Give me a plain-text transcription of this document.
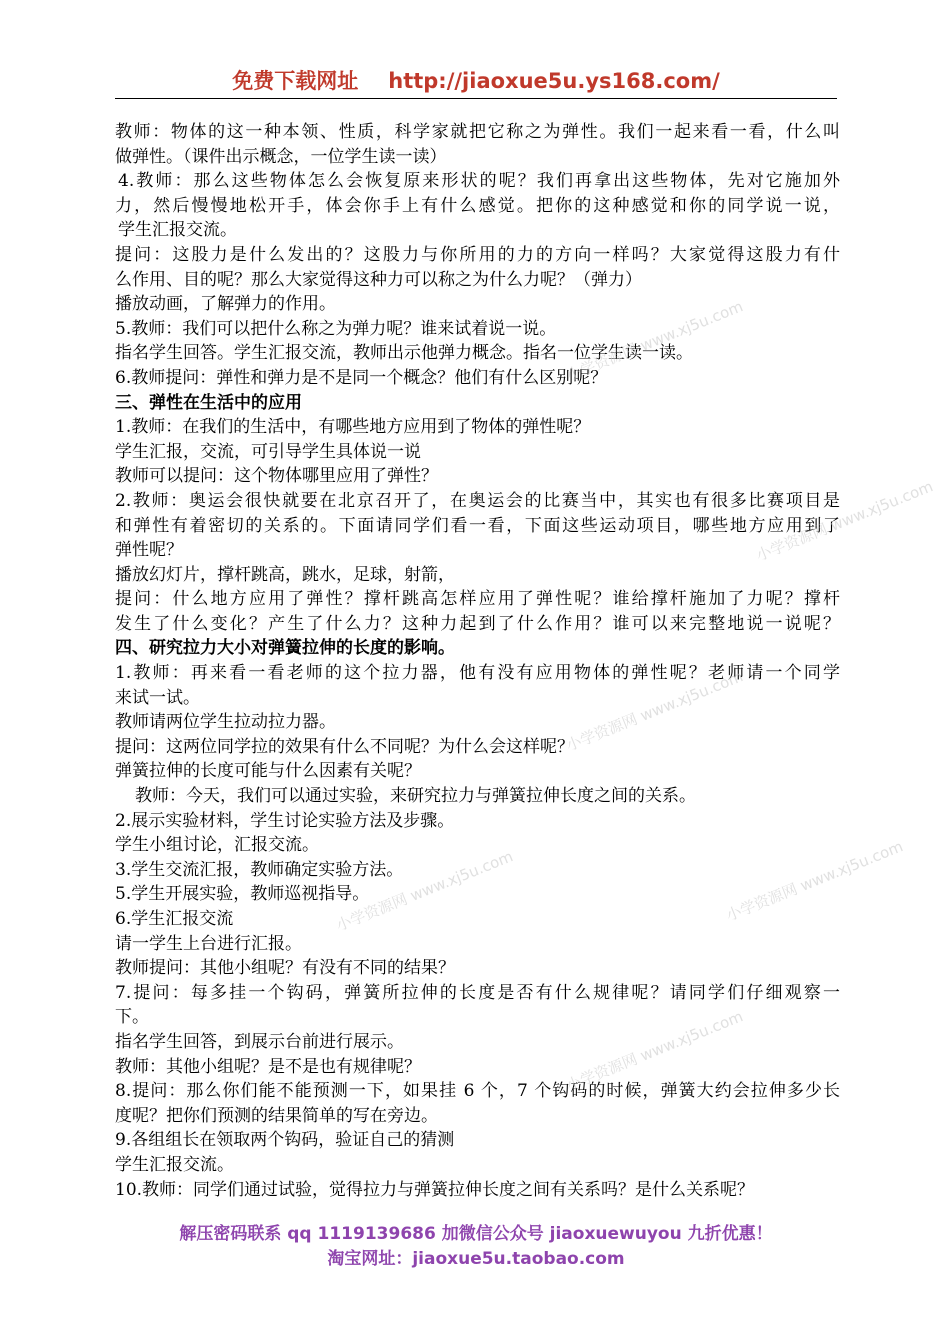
免费下载网址 http://jiaoxue5u.ys168.com/
教师：物体的这一种本领、性质，科学家就把它称之为弹性。我们一起来看一看，什么叫
做弹性。（课件出示概念，一位学生读一读）
4.教师：那么这些物体怎么会恢复原来形状的呢？我们再拿出这些物体，先对它施加外
力，然后慢慢地松开手，体会你手上有什么感觉。把你的这种感觉和你的同学说一说，
学生汇报交流。
提问：这股力是什么发出的？这股力与你所用的力的方向一样吗？大家觉得这股力有什
么作用、目的呢？那么大家觉得这种力可以称之为什么力呢？（弹力）
播放动画，了解弹力的作用。
5.教师：我们可以把什么称之为弹力呢？谁来试着说一说。
指名学生回答。学生汇报交流，教师出示他弹力概念。指名一位学生读一读。
6.教师提问：弹性和弹力是不是同一个概念？他们有什么区别呢？
三、弹性在生活中的应用
1.教师：在我们的生活中，有哪些地方应用到了物体的弹性呢？
学生汇报，交流，可引导学生具体说一说
教师可以提问：这个物体哪里应用了弹性？
2.教师：奥运会很快就要在北京召开了，在奥运会的比赛当中，其实也有很多比赛项目是
和弹性有着密切的关系的。下面请同学们看一看，下面这些运动项目，哪些地方应用到了
弹性呢？
播放幻灯片，撑杆跳高，跳水，足球，射箭，
提问：什么地方应用了弹性？撑杆跳高怎样应用了弹性呢？谁给撑杆施加了力呢？撑杆
发生了什么变化？产生了什么力？这种力起到了什么作用？谁可以来完整地说一说呢？
四、研究拉力大小对弹簧拉伸的长度的影响。
1.教师：再来看一看老师的这个拉力器，他有没有应用物体的弹性呢？老师请一个同学
来试一试。
教师请两位学生拉动拉力器。
提问：这两位同学拉的效果有什么不同呢？为什么会这样呢？
弹簧拉伸的长度可能与什么因素有关呢？
教师：今天，我们可以通过实验，来研究拉力与弹簧拉伸长度之间的关系。
2.展示实验材料，学生讨论实验方法及步骤。
学生小组讨论，汇报交流。
3.学生交流汇报，教师确定实验方法。
5.学生开展实验，教师巡视指导。
6.学生汇报交流
请一学生上台进行汇报。
教师提问：其他小组呢？有没有不同的结果？
7.提问：每多挂一个钩码，弹簧所拉伸的长度是否有什么规律呢？请同学们仔细观察一
下。
指名学生回答，到展示台前进行展示。
教师：其他小组呢？是不是也有规律呢？
8.提问：那么你们能不能预测一下，如果挂 6 个，7 个钩码的时候，弹簧大约会拉伸多少长
度呢？把你们预测的结果简单的写在旁边。
9.各组组长在领取两个钩码，验证自己的猜测
学生汇报交流。
10.教师：同学们通过试验，觉得拉力与弹簧拉伸长度之间有关系吗？是什么关系呢？
小学资源网 www.xj5u.com
小学资源网 www.xj5u.com
小学资源网 www.xj5u.com
小学资源网 www.xj5u.com
小学资源网 www.xj5u.com
小学资源网 www.xj5u.com
解压密码联系 qq 1119139686 加微信公众号 jiaoxuewuyou 九折优惠！
淘宝网址：jiaoxue5u.taobao.com
